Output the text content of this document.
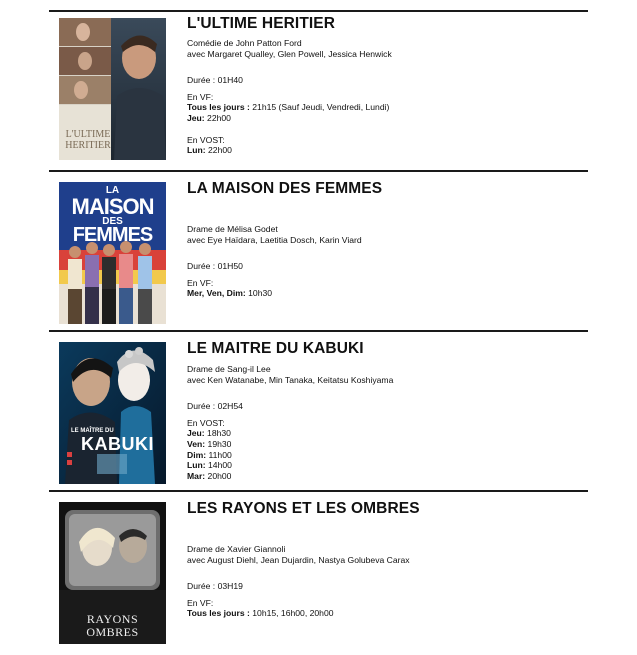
L'ULTIME
HERITIER
L'ULTIME HERITIER
Comédie de John Patton Ford
avec Margaret Qualley, Glen Powell, Jessica Henwick
Durée : 01H40
En VF:
Tous les jours : 21h15 (Sauf Jeudi, Vendredi, Lundi)
Jeu: 22h00
En VOST:
Lun: 22h00
LA
MAISON
DES
FEMMES
LA MAISON DES FEMMES
Drame de Mélisa Godet
avec Eye Haïdara, Laetitia Dosch, Karin Viard
Durée : 01H50
En VF:
Mer, Ven, Dim: 10h30
LE MAÎTRE DU
KABUKI
LE MAITRE DU KABUKI
Drame de Sang-il Lee
avec Ken Watanabe, Min Tanaka, Keitatsu Koshiyama
Durée : 02H54
En VOST:
Jeu: 18h30
Ven: 19h30
Dim: 11h00
Lun: 14h00
Mar: 20h00
RAYONS
OMBRES
LES RAYONS ET LES OMBRES
Drame de Xavier Giannoli
avec August Diehl, Jean Dujardin, Nastya Golubeva Carax
Durée : 03H19
En VF:
Tous les jours : 10h15, 16h00, 20h00
